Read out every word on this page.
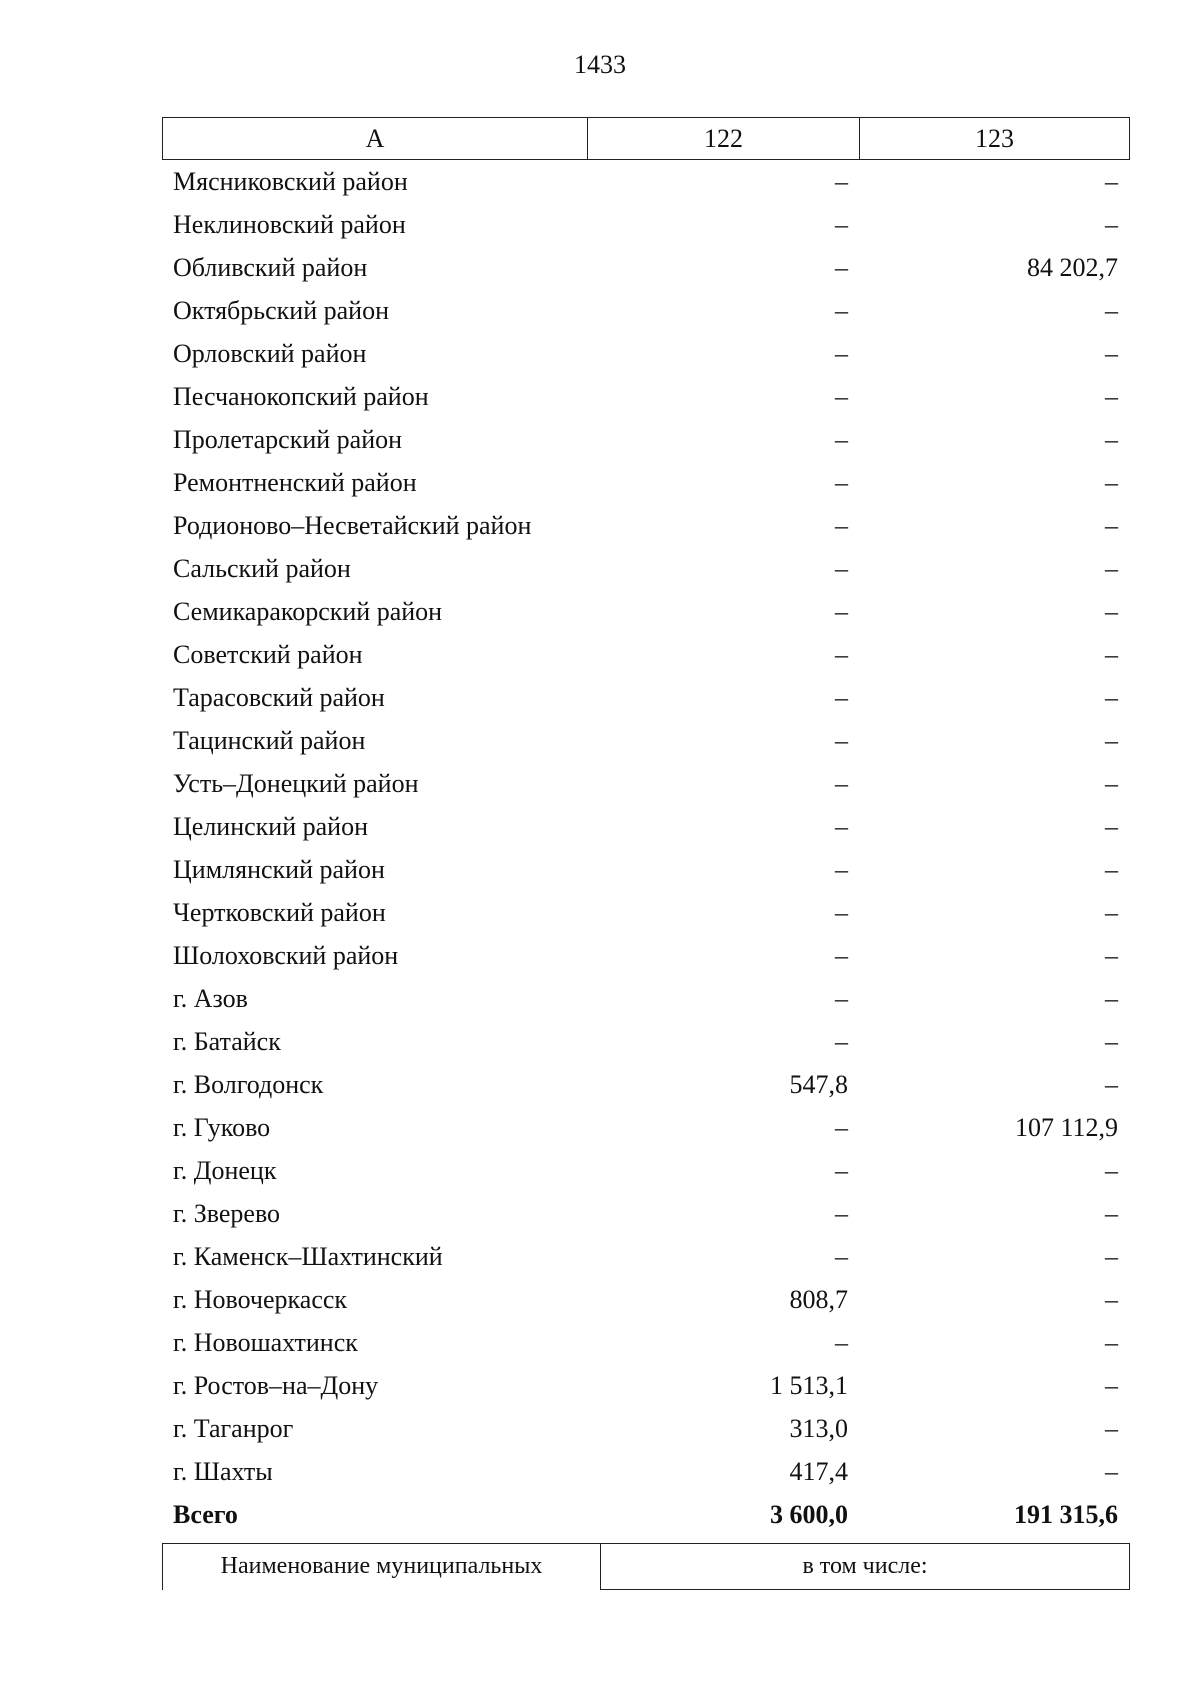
1433
А	122	123
Мясниковский район	–	–
Неклиновский район	–	–
Обливский район	–	84 202,7
Октябрьский район	–	–
Орловский район	–	–
Песчанокопский район	–	–
Пролетарский район	–	–
Ремонтненский район	–	–
Родионово–Несветайский район	–	–
Сальский район	–	–
Семикаракорский район	–	–
Советский район	–	–
Тарасовский район	–	–
Тацинский район	–	–
Усть–Донецкий район	–	–
Целинский район	–	–
Цимлянский район	–	–
Чертковский район	–	–
Шолоховский район	–	–
г. Азов	–	–
г. Батайск	–	–
г. Волгодонск	547,8	–
г. Гуково	–	107 112,9
г. Донецк	–	–
г. Зверево	–	–
г. Каменск–Шахтинский	–	–
г. Новочеркасск	808,7	–
г. Новошахтинск	–	–
г. Ростов–на–Дону	1 513,1	–
г. Таганрог	313,0	–
г. Шахты	417,4	–
Всего	3 600,0	191 315,6
Наименование муниципальных	в том числе:
